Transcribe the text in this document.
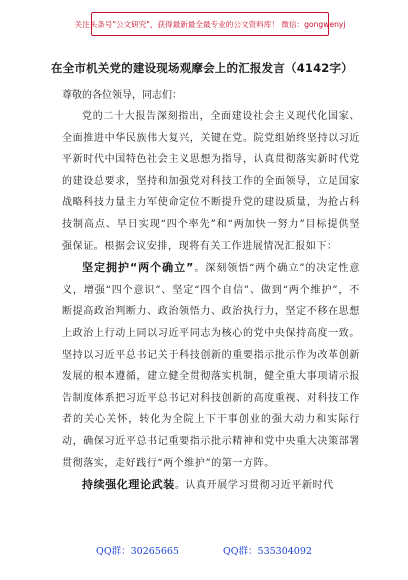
关注头条号"公文研究"，获得最新最全最专业的公文资料库！ 微信：gongwenyj
在全市机关党的建设现场观摩会上的汇报发言（4142字）
尊敬的各位领导，同志们：

党的二十大报告深刻指出，全面建设社会主义现代化国家、全面推进中华民族伟大复兴，关键在党。院党组始终坚持以习近平新时代中国特色社会主义思想为指导，认真贯彻落实新时代党的建设总要求，坚持和加强党对科技工作的全面领导，立足国家战略科技力量主力军使命定位不断提升党的建设质量，为抢占科技制高点、早日实现“四个率先”和“两加快一努力”目标提供坚强保证。根据会议安排，现将有关工作进展情况汇报如下：

坚定拥护“两个确立”。深刻领悟“两个确立”的决定性意义，增强“四个意识”、坚定“四个自信”、做到“两个维护”，不断提高政治判断力、政治领悟力、政治执行力，坚定不移在思想上政治上行动上同以习近平同志为核心的党中央保持高度一致。坚持以习近平总书记关于科技创新的重要指示批示作为改革创新发展的根本遵循，建立健全贯彻落实机制，健全重大事项请示报告制度体系把习近平总书记对科技创新的高度重视、对科技工作者的关心关怀，转化为全院上下干事创业的强大动力和实际行动，确保习近平总书记重要指示批示精神和党中央重大决策部署贯彻落实，走好践行“两个维护”的第一方阵。

持续强化理论武装。认真开展学习贯彻习近平新时代

QQ群：30265665	QQ群：535304092
